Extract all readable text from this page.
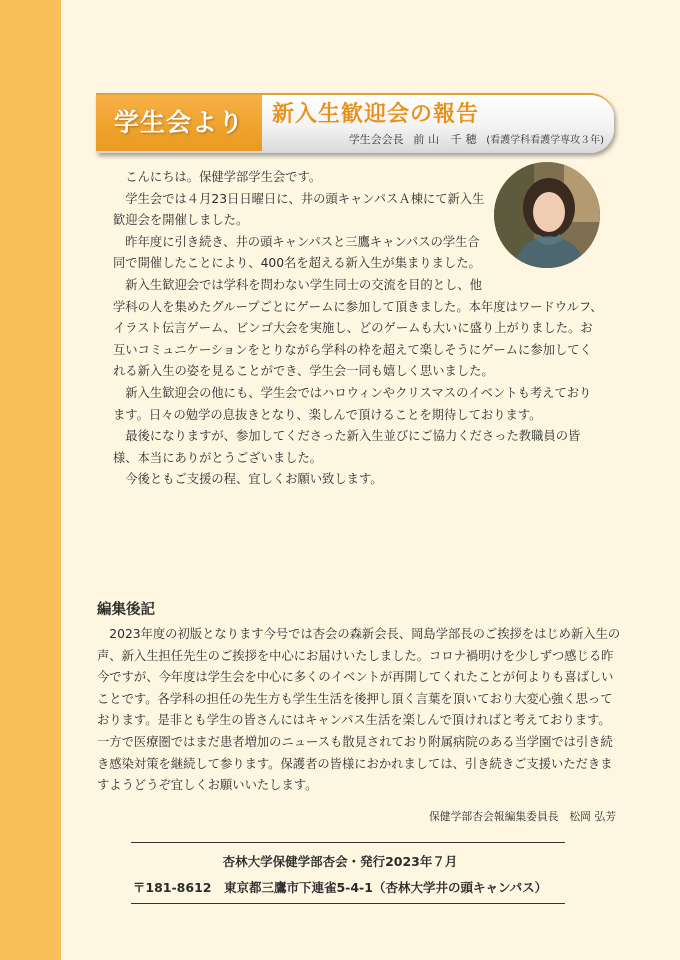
学生会より	新入生歓迎会の報告
学生会会長 前山 千穂 (看護学科看護学専攻３年)

こんにちは。保健学部学生会です。

学生会では４月23日日曜日に、井の頭キャンパスＡ棟にて新入生歓迎会を開催しました。

昨年度に引き続き、井の頭キャンパスと三鷹キャンパスの学生合同で開催したことにより、400名を超える新入生が集まりました。

新入生歓迎会では学科を問わない学生同士の交流を目的とし、他学科の人を集めたグループごとにゲームに参加して頂きました。本年度はワードウルフ、イラスト伝言ゲーム、ビンゴ大会を実施し、どのゲームも大いに盛り上がりました。お互いコミュニケーションをとりながら学科の枠を超えて楽しそうにゲームに参加してくれる新入生の姿を見ることができ、学生会一同も嬉しく思いました。

新入生歓迎会の他にも、学生会ではハロウィンやクリスマスのイベントも考えております。日々の勉学の息抜きとなり、楽しんで頂けることを期待しております。

最後になりますが、参加してくださった新入生並びにご協力くださった教職員の皆様、本当にありがとうございました。

今後ともご支援の程、宜しくお願い致します。

編集後記
2023年度の初版となります今号では杏会の森新会長、岡島学部長のご挨拶をはじめ新入生の声、新入生担任先生のご挨拶を中心にお届けいたしました。コロナ禍明けを少しずつ感じる昨今ですが、今年度は学生会を中心に多くのイベントが再開してくれたことが何よりも喜ばしいことです。各学科の担任の先生方も学生生活を後押し頂く言葉を頂いており大変心強く思っております。是非とも学生の皆さんにはキャンパス生活を楽しんで頂ければと考えております。一方で医療圏ではまだ患者増加のニュースも散見されており附属病院のある当学園では引き続き感染対策を継続して参ります。保護者の皆様におかれましては、引き続きご支援いただきますようどうぞ宜しくお願いいたします。
保健学部杏会報編集委員長　松岡 弘芳
杏林大学保健学部杏会・発行2023年７月
〒181-8612　東京都三鷹市下連雀5-4-1（杏林大学井の頭キャンパス）
